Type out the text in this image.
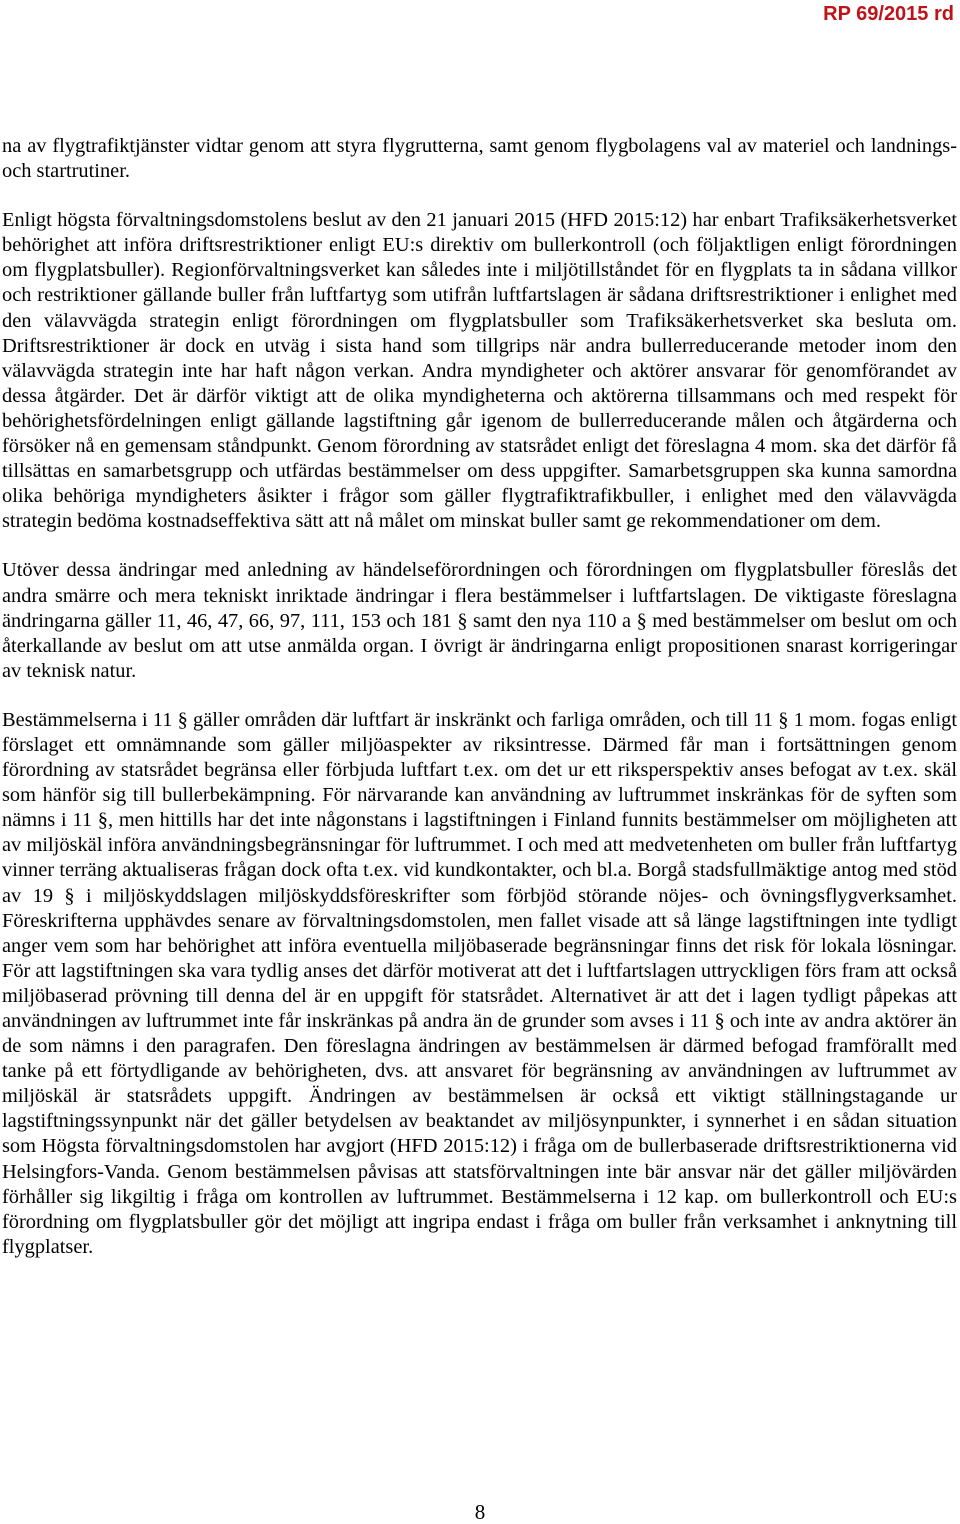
RP 69/2015 rd

na av flygtrafiktjänster vidtar genom att styra flygrutterna, samt genom flygbolagens val av materiel och landnings- och startrutiner.

Enligt högsta förvaltningsdomstolens beslut av den 21 januari 2015 (HFD 2015:12) har enbart Trafiksäkerhetsverket behörighet att införa driftsrestriktioner enligt EU:s direktiv om bullerkontroll (och följaktligen enligt förordningen om flygplatsbuller). Regionförvaltningsverket kan således inte i miljötillståndet för en flygplats ta in sådana villkor och restriktioner gällande buller från luftfartyg som utifrån luftfartslagen är sådana driftsrestriktioner i enlighet med den välavvägda strategin enligt förordningen om flygplatsbuller som Trafiksäkerhetsverket ska besluta om. Driftsrestriktioner är dock en utväg i sista hand som tillgrips när andra bullerreducerande metoder inom den välavvägda strategin inte har haft någon verkan. Andra myndigheter och aktörer ansvarar för genomförandet av dessa åtgärder. Det är därför viktigt att de olika myndigheterna och aktörerna tillsammans och med respekt för behörighetsfördelningen enligt gällande lagstiftning går igenom de bullerreducerande målen och åtgärderna och försöker nå en gemensam ståndpunkt. Genom förordning av statsrådet enligt det föreslagna 4 mom. ska det därför få tillsättas en samarbetsgrupp och utfärdas bestämmelser om dess uppgifter. Samarbetsgruppen ska kunna samordna olika behöriga myndigheters åsikter i frågor som gäller flygtrafiktrafikbuller, i enlighet med den välavvägda strategin bedöma kostnadseffektiva sätt att nå målet om minskat buller samt ge rekommendationer om dem.

Utöver dessa ändringar med anledning av händelseförordningen och förordningen om flygplatsbuller föreslås det andra smärre och mera tekniskt inriktade ändringar i flera bestämmelser i luftfartslagen. De viktigaste föreslagna ändringarna gäller 11, 46, 47, 66, 97, 111, 153 och 181 § samt den nya 110 a § med bestämmelser om beslut om och återkallande av beslut om att utse anmälda organ. I övrigt är ändringarna enligt propositionen snarast korrigeringar av teknisk natur.

Bestämmelserna i 11 § gäller områden där luftfart är inskränkt och farliga områden, och till 11 § 1 mom. fogas enligt förslaget ett omnämnande som gäller miljöaspekter av riksintresse. Därmed får man i fortsättningen genom förordning av statsrådet begränsa eller förbjuda luftfart t.ex. om det ur ett riksperspektiv anses befogat av t.ex. skäl som hänför sig till bullerbekämpning. För närvarande kan användning av luftrummet inskränkas för de syften som nämns i 11 §, men hittills har det inte någonstans i lagstiftningen i Finland funnits bestämmelser om möjligheten att av miljöskäl införa användningsbegränsningar för luftrummet. I och med att medvetenheten om buller från luftfartyg vinner terräng aktualiseras frågan dock ofta t.ex. vid kundkontakter, och bl.a. Borgå stadsfullmäktige antog med stöd av 19 § i miljöskyddslagen miljöskyddsföreskrifter som förbjöd störande nöjes- och övningsflygverksamhet. Föreskrifterna upphävdes senare av förvaltningsdomstolen, men fallet visade att så länge lagstiftningen inte tydligt anger vem som har behörighet att införa eventuella miljöbaserade begränsningar finns det risk för lokala lösningar. För att lagstiftningen ska vara tydlig anses det därför motiverat att det i luftfartslagen uttryckligen förs fram att också miljöbaserad prövning till denna del är en uppgift för statsrådet. Alternativet är att det i lagen tydligt påpekas att användningen av luftrummet inte får inskränkas på andra än de grunder som avses i 11 § och inte av andra aktörer än de som nämns i den paragrafen. Den föreslagna ändringen av bestämmelsen är därmed befogad framförallt med tanke på ett förtydligande av behörigheten, dvs. att ansvaret för begränsning av användningen av luftrummet av miljöskäl är statsrådets uppgift. Ändringen av bestämmelsen är också ett viktigt ställningstagande ur lagstiftningssynpunkt när det gäller betydelsen av beaktandet av miljösynpunkter, i synnerhet i en sådan situation som Högsta förvaltningsdomstolen har avgjort (HFD 2015:12) i fråga om de bullerbaserade driftsrestriktionerna vid Helsingfors-Vanda. Genom bestämmelsen påvisas att statsförvaltningen inte bär ansvar när det gäller miljövärden förhåller sig likgiltig i fråga om kontrollen av luftrummet. Bestämmelserna i 12 kap. om bullerkontroll och EU:s förordning om flygplatsbuller gör det möjligt att ingripa endast i fråga om buller från verksamhet i anknytning till flygplatser.

8
